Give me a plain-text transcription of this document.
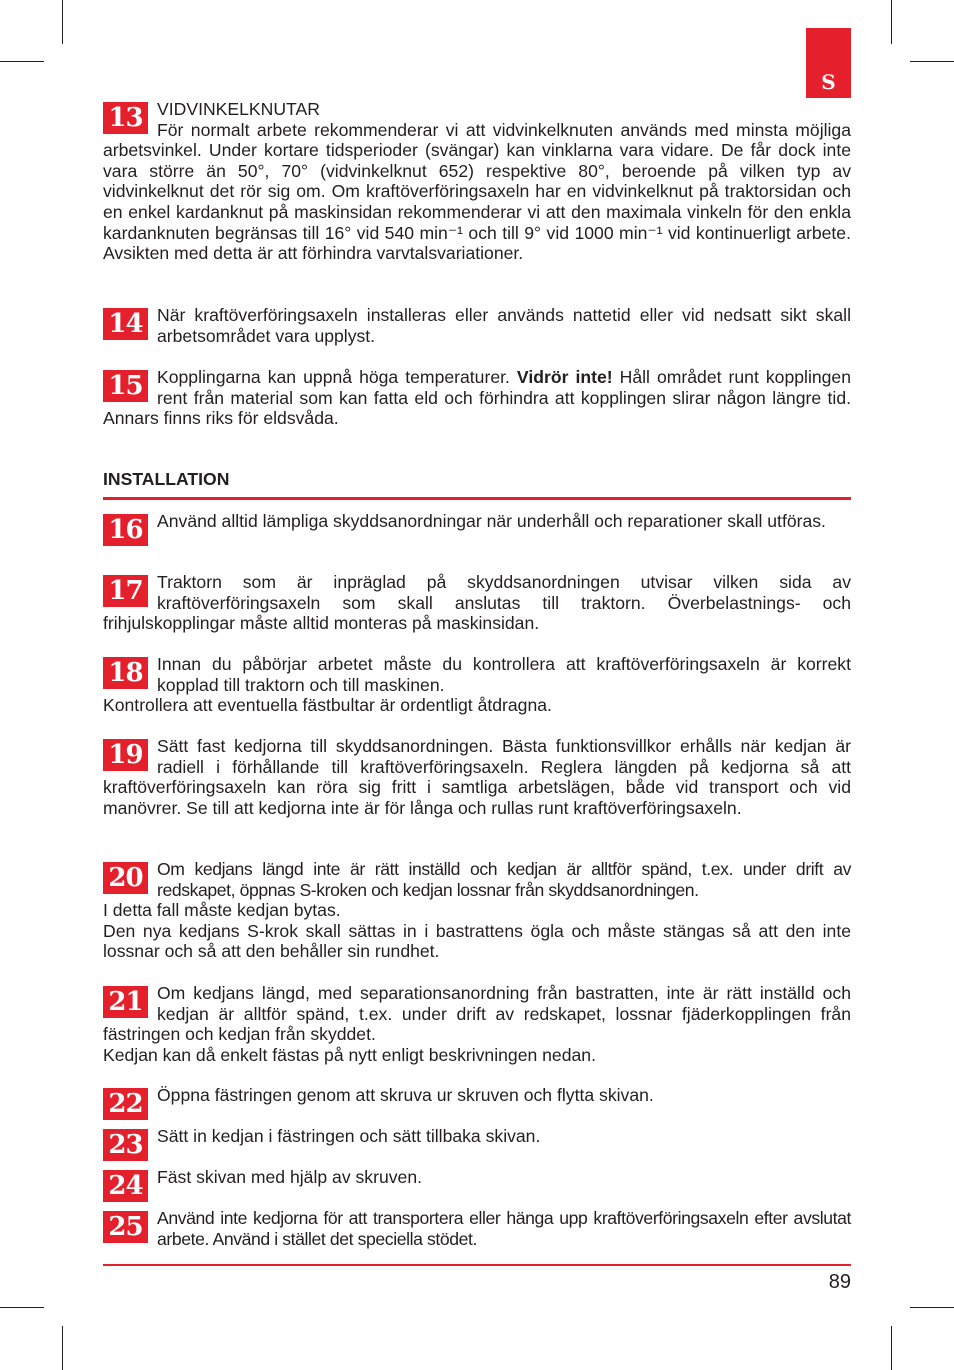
S
13 VIDVINKELKNUTAR

För normalt arbete rekommenderar vi att vidvinkelknuten används med minsta möjliga arbetsvinkel. Under kortare tidsperioder (svängar) kan vinklarna vara vidare. De får dock inte vara större än 50°, 70° (vidvinkelknut 652) respektive 80°, beroende på vilken typ av vidvinkelknut det rör sig om. Om kraftöverföringsaxeln har en vidvinkelknut på traktorsidan och en enkel kardanknut på maskinsidan rekommenderar vi att den maximala vinkeln för den enkla kardanknuten begränsas till 16° vid 540 min⁻¹ och till 9° vid 1000 min⁻¹ vid kontinuerligt arbete. Avsikten med detta är att förhindra varvtalsvariationer.

14 När kraftöverföringsaxeln installeras eller används nattetid eller vid nedsatt sikt skall arbetsområdet vara upplyst.

15 Kopplingarna kan uppnå höga temperaturer. Vidrör inte! Håll området runt kopplingen rent från material som kan fatta eld och förhindra att kopplingen slirar någon längre tid. Annars finns riks för eldsvåda.

INSTALLATION
16 Använd alltid lämpliga skyddsanordningar när underhåll och reparationer skall utföras.

17 Traktorn som är inpräglad på skyddsanordningen utvisar vilken sida av kraftöverföringsaxeln som skall anslutas till traktorn. Överbelastnings- och frihjulskopplingar måste alltid monteras på maskinsidan.

18 Innan du påbörjar arbetet måste du kontrollera att kraftöverföringsaxeln är korrekt kopplad till traktorn och till maskinen.

Kontrollera att eventuella fästbultar är ordentligt åtdragna.

19 Sätt fast kedjorna till skyddsanordningen. Bästa funktionsvillkor erhålls när kedjan är radiell i förhållande till kraftöverföringsaxeln. Reglera längden på kedjorna så att kraftöverföringsaxeln kan röra sig fritt i samtliga arbetslägen, både vid transport och vid manövrer. Se till att kedjorna inte är för långa och rullas runt kraftöverföringsaxeln.

20 Om kedjans längd inte är rätt inställd och kedjan är alltför spänd, t.ex. under drift av redskapet, öppnas S-kroken och kedjan lossnar från skyddsanordningen.

I detta fall måste kedjan bytas.

Den nya kedjans S-krok skall sättas in i bastrattens ögla och måste stängas så att den inte lossnar och så att den behåller sin rundhet.

21 Om kedjans längd, med separationsanordning från bastratten, inte är rätt inställd och kedjan är alltför spänd, t.ex. under drift av redskapet, lossnar fjäderkopplingen från fästringen och kedjan från skyddet.

Kedjan kan då enkelt fästas på nytt enligt beskrivningen nedan.

22 Öppna fästringen genom att skruva ur skruven och flytta skivan.

23 Sätt in kedjan i fästringen och sätt tillbaka skivan.

24 Fäst skivan med hjälp av skruven.

25 Använd inte kedjorna för att transportera eller hänga upp kraftöverföringsaxeln efter avslutat arbete. Använd i stället det speciella stödet.

89
